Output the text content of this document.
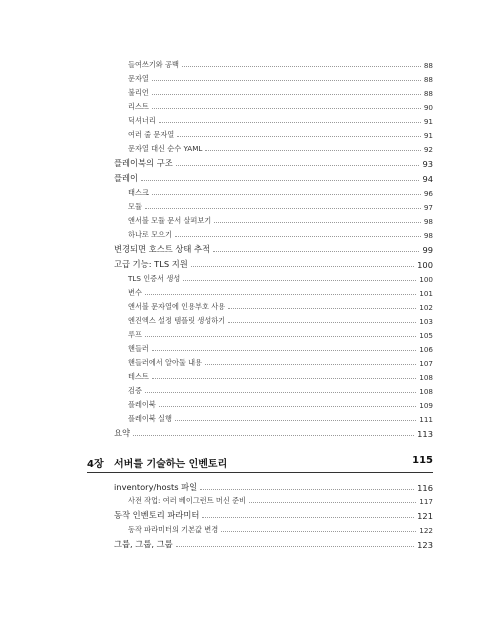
들여쓰기와 공백	88
문자열	88
불리언	88
리스트	90
딕셔너리	91
여러 줄 문자열	91
문자열 대신 순수 YAML	92
플레이북의 구조	93
플레이	94
태스크	96
모듈	97
앤서블 모듈 문서 살펴보기	98
하나로 모으기	98
변경되면 호스트 상태 추적	99
고급 기능: TLS 지원	100
TLS 인증서 생성	100
변수	101
앤서블 문자열에 인용부호 사용	102
엔진엑스 설정 템플릿 생성하기	103
루프	105
핸들러	106
핸들러에서 알아둘 내용	107
테스트	108
검증	108
플레이북	109
플레이북 실행	111
요약	113
4장 서버를 기술하는 인벤토리	115
inventory/hosts 파일	116
사전 작업: 여러 베이그런트 머신 준비	117
동작 인벤토리 파라미터	121
동작 파라미터의 기본값 변경	122
그룹, 그룹, 그룹	123
